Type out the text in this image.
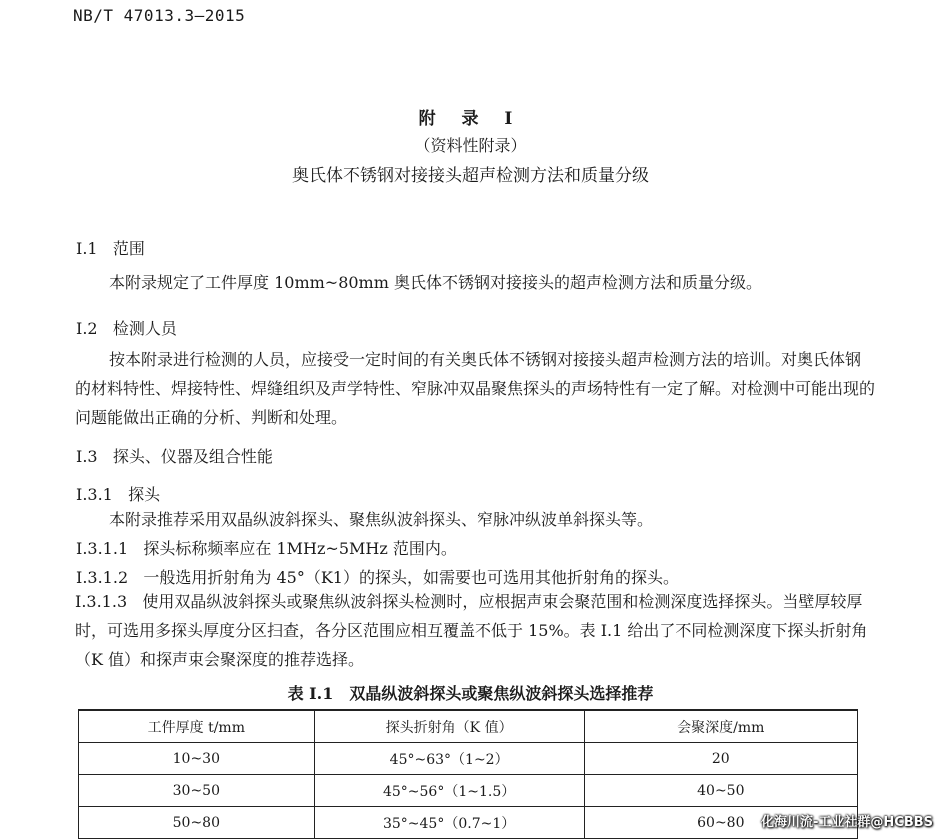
NB/T 47013.3—2015
附 录 I
（资料性附录）
奥氏体不锈钢对接接头超声检测方法和质量分级
I.1 范围
本附录规定了工件厚度 10mm~80mm 奥氏体不锈钢对接接头的超声检测方法和质量分级。
I.2 检测人员
按本附录进行检测的人员，应接受一定时间的有关奥氏体不锈钢对接接头超声检测方法的培训。对奥氏体钢的材料特性、焊接特性、焊缝组织及声学特性、窄脉冲双晶聚焦探头的声场特性有一定了解。对检测中可能出现的问题能做出正确的分析、判断和处理。
I.3 探头、仪器及组合性能
I.3.1 探头
本附录推荐采用双晶纵波斜探头、聚焦纵波斜探头、窄脉冲纵波单斜探头等。
I.3.1.1 探头标称频率应在 1MHz~5MHz 范围内。
I.3.1.2 一般选用折射角为 45°（K1）的探头，如需要也可选用其他折射角的探头。
I.3.1.3 使用双晶纵波斜探头或聚焦纵波斜探头检测时，应根据声束会聚范围和检测深度选择探头。当壁厚较厚时，可选用多探头厚度分区扫查，各分区范围应相互覆盖不低于 15%。表 I.1 给出了不同检测深度下探头折射角（K 值）和探声束会聚深度的推荐选择。
表 I.1　双晶纵波斜探头或聚焦纵波斜探头选择推荐
工件厚度 t/mm	探头折射角（K 值）	会聚深度/mm
10~30	45°~63°（1~2）	20
30~50	45°~56°（1~1.5）	40~50
50~80	35°~45°（0.7~1）	60~80 化海川流-工业社群@HCBBS
